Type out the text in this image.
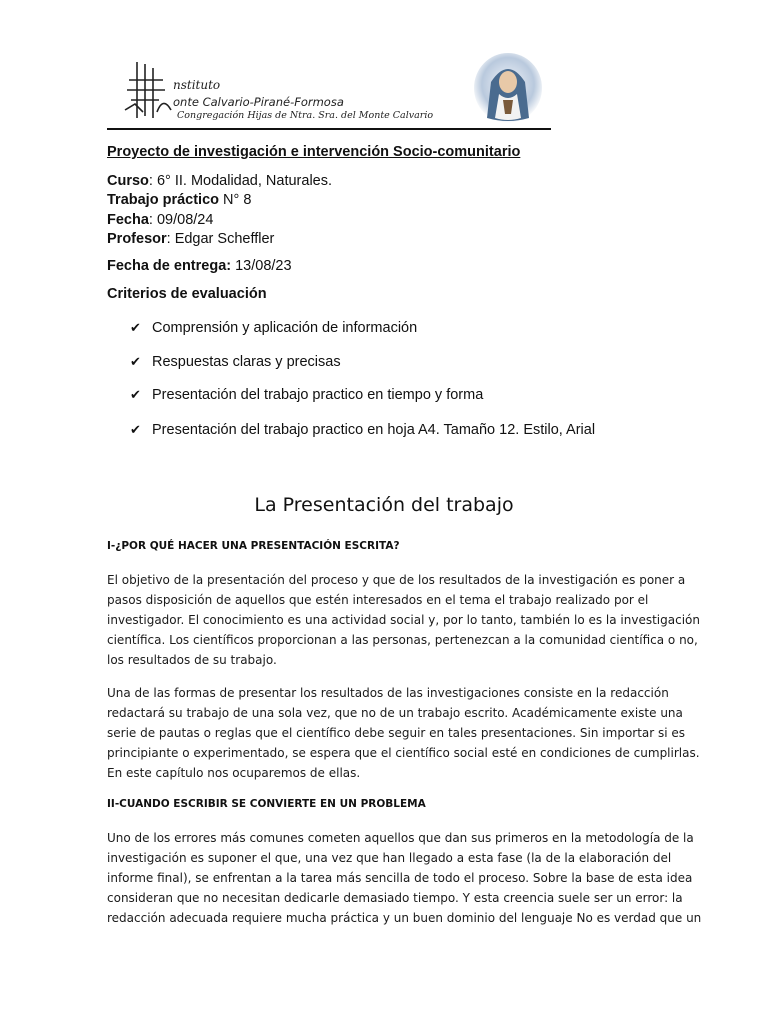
nstituto
onte Calvario-Pirané-Formosa
Congregación Hijas de Ntra. Sra. del Monte Calvario
Proyecto de investigación e intervención Socio-comunitario
Curso: 6° II. Modalidad, Naturales.
Trabajo práctico N° 8
Fecha: 09/08/24
Profesor: Edgar Scheffler
Fecha de entrega: 13/08/23
Criterios de evaluación
✔ Comprensión y aplicación de información
✔ Respuestas claras y precisas
✔ Presentación del trabajo practico en tiempo y forma
✔ Presentación del trabajo practico en hoja A4. Tamaño 12. Estilo, Arial
La Presentación del trabajo
I-¿POR QUÉ HACER UNA PRESENTACIÓN ESCRITA?
El objetivo de la presentación del proceso y que de los resultados de la investigación es poner a
pasos disposición de aquellos que estén interesados en el tema el trabajo realizado por el
investigador. El conocimiento es una actividad social y, por lo tanto, también lo es la investigación
científica. Los científicos proporcionan a las personas, pertenezcan a la comunidad científica o no,
los resultados de su trabajo.
Una de las formas de presentar los resultados de las investigaciones consiste en la redacción
redactará su trabajo de una sola vez, que no de un trabajo escrito. Académicamente existe una
serie de pautas o reglas que el científico debe seguir en tales presentaciones. Sin importar si es
principiante o experimentado, se espera que el científico social esté en condiciones de cumplirlas.
En este capítulo nos ocuparemos de ellas.
II-CUANDO ESCRIBIR SE CONVIERTE EN UN PROBLEMA
Uno de los errores más comunes cometen aquellos que dan sus primeros en la metodología de la
investigación es suponer el que, una vez que han llegado a esta fase (la de la elaboración del
informe final), se enfrentan a la tarea más sencilla de todo el proceso. Sobre la base de esta idea
consideran que no necesitan dedicarle demasiado tiempo. Y esta creencia suele ser un error: la
redacción adecuada requiere mucha práctica y un buen dominio del lenguaje No es verdad que un
